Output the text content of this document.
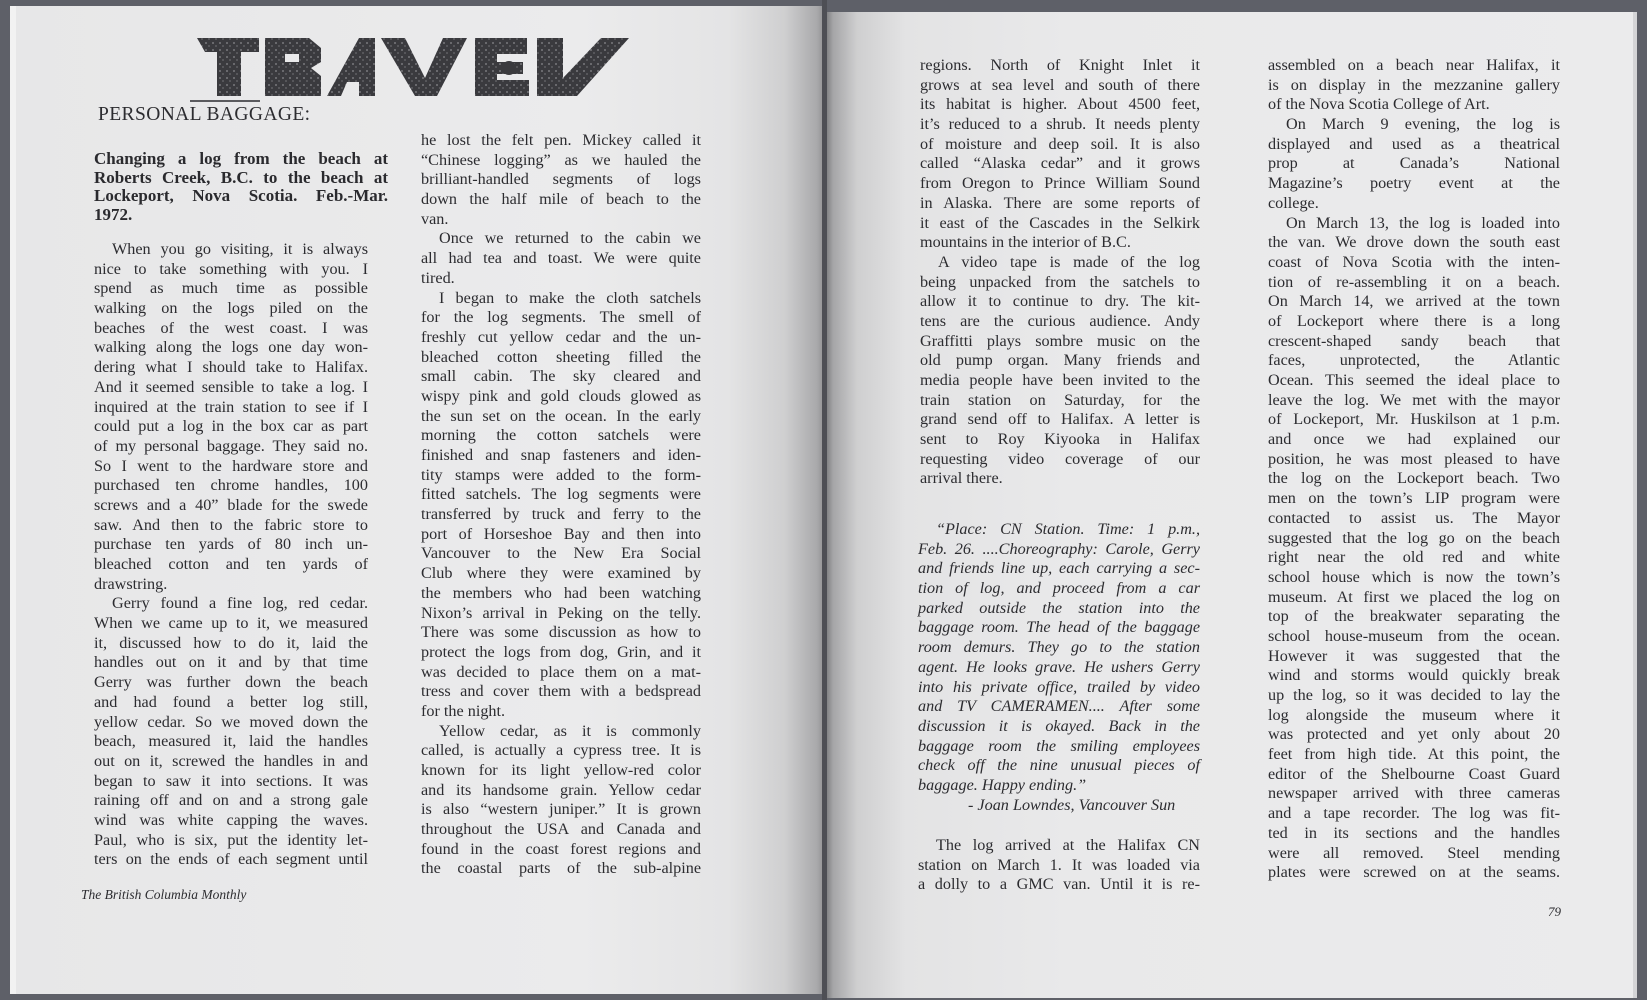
PERSONAL BAGGAGE:
Changing a log from the beach at
Roberts Creek, B.C. to the beach at
Lockeport, Nova Scotia. Feb.-Mar.
1972.
When you go visiting, it is always
nice to take something with you. I
spend as much time as possible
walking on the logs piled on the
beaches of the west coast. I was
walking along the logs one day won-
dering what I should take to Halifax.
And it seemed sensible to take a log. I
inquired at the train station to see if I
could put a log in the box car as part
of my personal baggage. They said no.
So I went to the hardware store and
purchased ten chrome handles, 100
screws and a 40” blade for the swede
saw. And then to the fabric store to
purchase ten yards of 80 inch un-
bleached cotton and ten yards of
drawstring.
Gerry found a fine log, red cedar.
When we came up to it, we measured
it, discussed how to do it, laid the
handles out on it and by that time
Gerry was further down the beach
and had found a better log still,
yellow cedar. So we moved down the
beach, measured it, laid the handles
out on it, screwed the handles in and
began to saw it into sections. It was
raining off and on and a strong gale
wind was white capping the waves.
Paul, who is six, put the identity let-
ters on the ends of each segment until
he lost the felt pen. Mickey called it
“Chinese logging” as we hauled the
brilliant-handled segments of logs
down the half mile of beach to the
van.
Once we returned to the cabin we
all had tea and toast. We were quite
tired.
I began to make the cloth satchels
for the log segments. The smell of
freshly cut yellow cedar and the un-
bleached cotton sheeting filled the
small cabin. The sky cleared and
wispy pink and gold clouds glowed as
the sun set on the ocean. In the early
morning the cotton satchels were
finished and snap fasteners and iden-
tity stamps were added to the form-
fitted satchels. The log segments were
transferred by truck and ferry to the
port of Horseshoe Bay and then into
Vancouver to the New Era Social
Club where they were examined by
the members who had been watching
Nixon’s arrival in Peking on the telly.
There was some discussion as how to
protect the logs from dog, Grin, and it
was decided to place them on a mat-
tress and cover them with a bedspread
for the night.
Yellow cedar, as it is commonly
called, is actually a cypress tree. It is
known for its light yellow-red color
and its handsome grain. Yellow cedar
is also “western juniper.” It is grown
throughout the USA and Canada and
found in the coast forest regions and
the coastal parts of the sub-alpine
regions. North of Knight Inlet it
grows at sea level and south of there
its habitat is higher. About 4500 feet,
it’s reduced to a shrub. It needs plenty
of moisture and deep soil. It is also
called “Alaska cedar” and it grows
from Oregon to Prince William Sound
in Alaska. There are some reports of
it east of the Cascades in the Selkirk
mountains in the interior of B.C.
A video tape is made of the log
being unpacked from the satchels to
allow it to continue to dry. The kit-
tens are the curious audience. Andy
Graffitti plays sombre music on the
old pump organ. Many friends and
media people have been invited to the
train station on Saturday, for the
grand send off to Halifax. A letter is
sent to Roy Kiyooka in Halifax
requesting video coverage of our
arrival there.
“Place: CN Station. Time: 1 p.m.,
Feb. 26. ....Choreography: Carole, Gerry
and friends line up, each carrying a sec-
tion of log, and proceed from a car
parked outside the station into the
baggage room. The head of the baggage
room demurs. They go to the station
agent. He looks grave. He ushers Gerry
into his private office, trailed by video
and TV CAMERAMEN.... After some
discussion it is okayed. Back in the
baggage room the smiling employees
check off the nine unusual pieces of
baggage. Happy ending.”
- Joan Lowndes, Vancouver Sun
The log arrived at the Halifax CN
station on March 1. It was loaded via
a dolly to a GMC van. Until it is re-
assembled on a beach near Halifax, it
is on display in the mezzanine gallery
of the Nova Scotia College of Art.
On March 9 evening, the log is
displayed and used as a theatrical
prop at Canada’s National
Magazine’s poetry event at the
college.
On March 13, the log is loaded into
the van. We drove down the south east
coast of Nova Scotia with the inten-
tion of re-assembling it on a beach.
On March 14, we arrived at the town
of Lockeport where there is a long
crescent-shaped sandy beach that
faces, unprotected, the Atlantic
Ocean. This seemed the ideal place to
leave the log. We met with the mayor
of Lockeport, Mr. Huskilson at 1 p.m.
and once we had explained our
position, he was most pleased to have
the log on the Lockeport beach. Two
men on the town’s LIP program were
contacted to assist us. The Mayor
suggested that the log go on the beach
right near the old red and white
school house which is now the town’s
museum. At first we placed the log on
top of the breakwater separating the
school house-museum from the ocean.
However it was suggested that the
wind and storms would quickly break
up the log, so it was decided to lay the
log alongside the museum where it
was protected and yet only about 20
feet from high tide. At this point, the
editor of the Shelbourne Coast Guard
newspaper arrived with three cameras
and a tape recorder. The log was fit-
ted in its sections and the handles
were all removed. Steel mending
plates were screwed on at the seams.
The British Columbia Monthly
79
